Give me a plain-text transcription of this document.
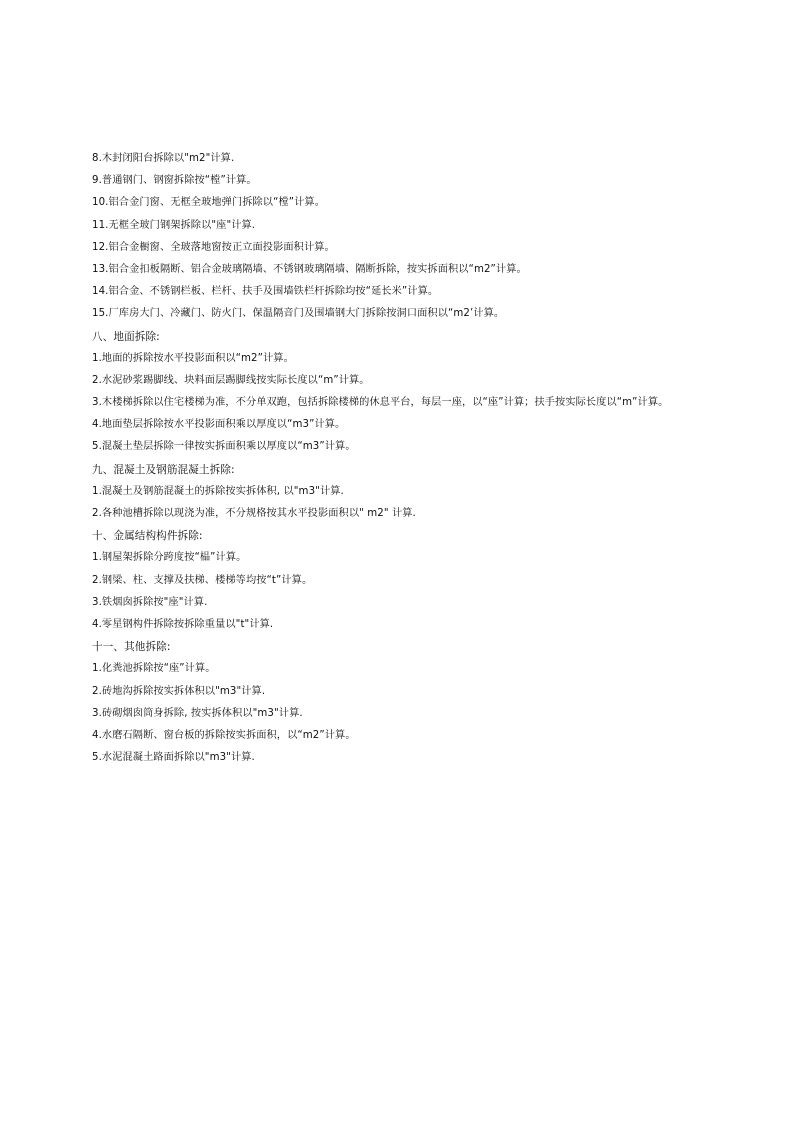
8.木封闭阳台拆除以"m2"计算.
9.普通钢门、钢窗拆除按“樘”计算。
10.铝合金门窗、无框全玻地弹门拆除以“樘”计算。
11.无框全玻门钢架拆除以"座"计算.
12.铝合金橱窗、全玻落地窗按正立面投影面积计算。
13.铝合金扣板隔断、铝合金玻璃隔墙、不锈钢玻璃隔墙、隔断拆除，按实拆面积以“m2”计算。
14.铝合金、不锈钢栏板、栏杆、扶手及围墙铁栏杆拆除均按“延长米”计算。
15.厂库房大门、冷藏门、防火门、保温隔音门及围墙钢大门拆除按洞口面积以“m2’计算。
八、地面拆除:
1.地面的拆除按水平投影面积以“m2”计算。
2.水泥砂浆踢脚线、块料面层踢脚线按实际长度以“m”计算。
3.木楼梯拆除以住宅楼梯为准，不分单双跑，包括拆除楼梯的休息平台，每层一座，以“座”计算；扶手按实际长度以“m”计算。
4.地面垫层拆除按水平投影面积乘以厚度以“m3”计算。
5.混凝土垫层拆除一律按实拆面积乘以厚度以“m3”计算。
九、混凝土及钢筋混凝土拆除:
1.混凝土及钢筋混凝土的拆除按实拆体积, 以"m3"计算.
2.各种池槽拆除以现浇为准，不分规格按其水平投影面积以" m2" 计算.
十、金属结构构件拆除:
1.钢屋架拆除分跨度按“榀”计算。
2.钢梁、柱、支撑及扶梯、楼梯等均按“t”计算。
3.铁烟囱拆除按"座"计算.
4.零星钢构件拆除按拆除重量以"t"计算.
十一、其他拆除:
1.化粪池拆除按“座”计算。
2.砖地沟拆除按实拆体积以"m3"计算.
3.砖砌烟囱筒身拆除, 按实拆体积以"m3"计算.
4.水磨石隔断、窗台板的拆除按实拆面积，以“m2”计算。
5.水泥混凝土路面拆除以"m3"计算.
